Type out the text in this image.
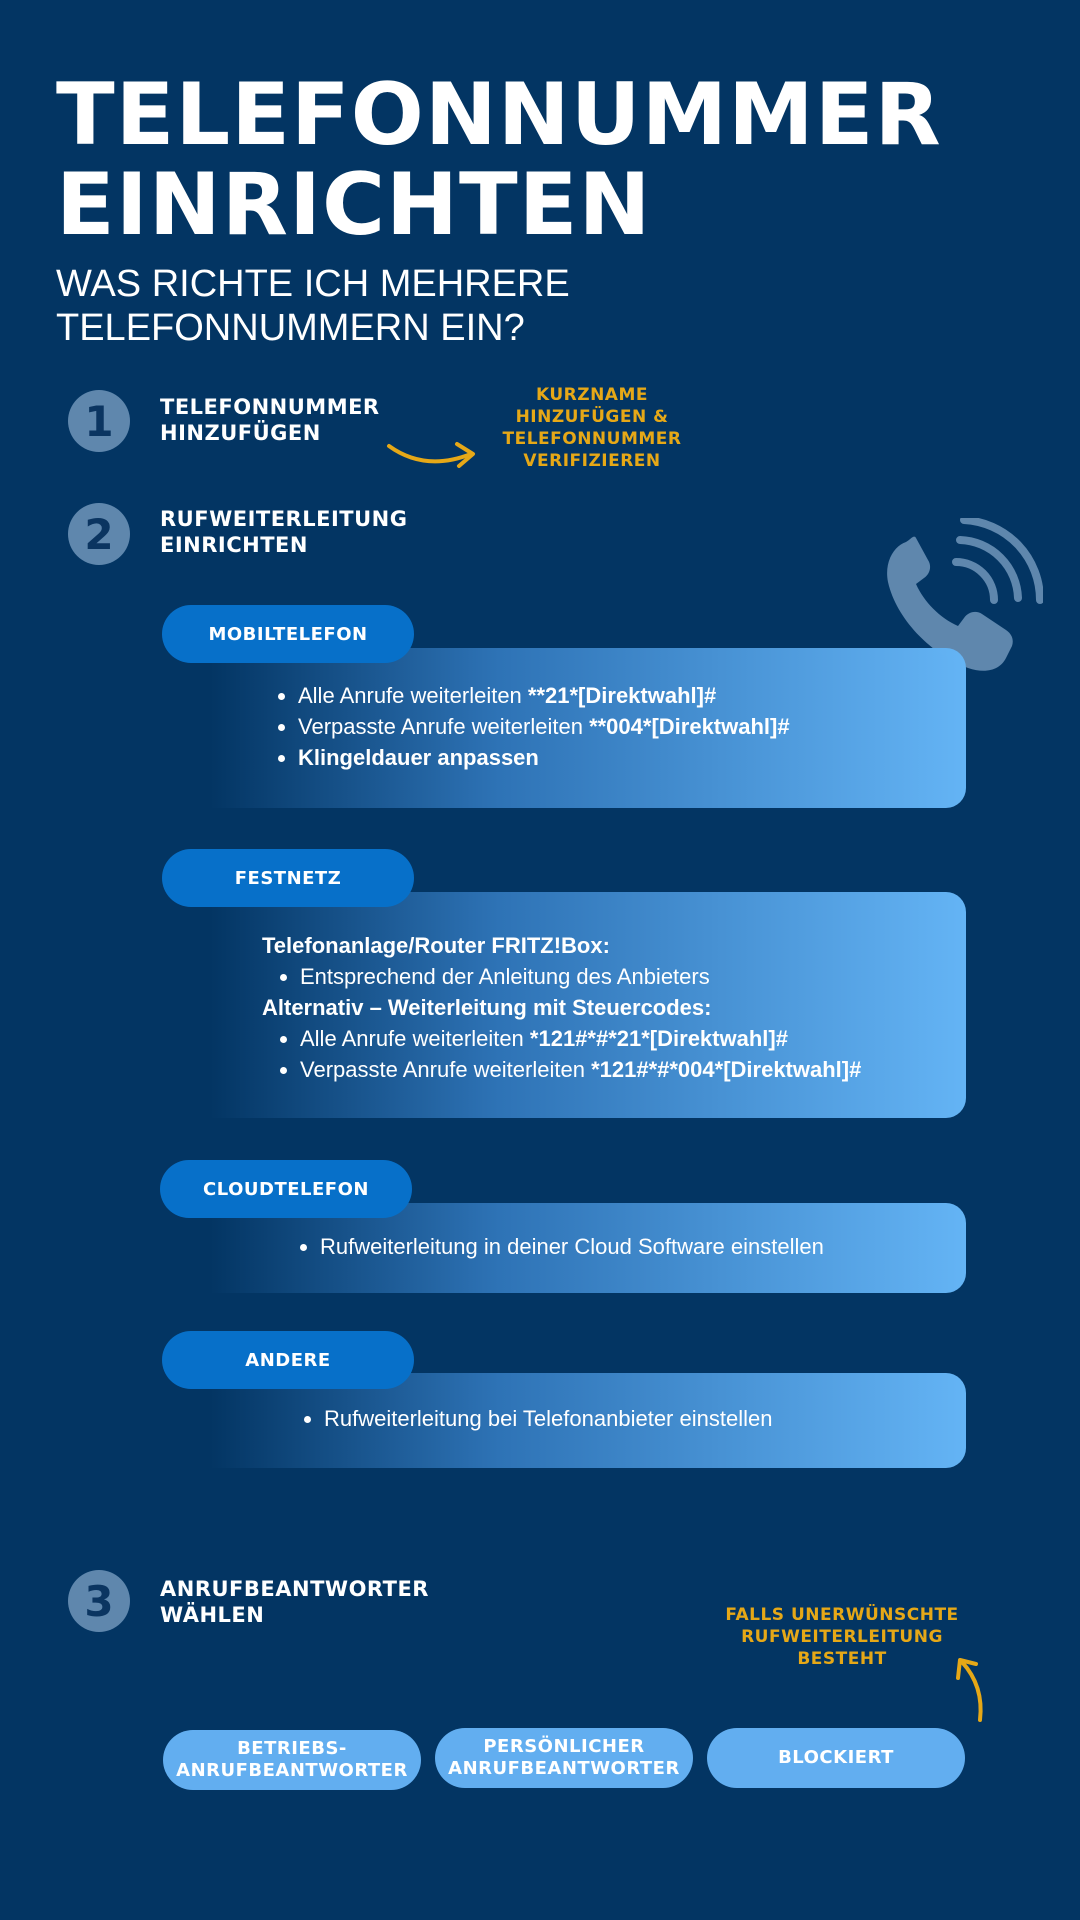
TELEFONNUMMER
EINRICHTEN
WAS RICHTE ICH MEHRERE
TELEFONNUMMERN EIN?
1	TELEFONNUMMER
HINZUFÜGEN
KURZNAME
HINZUFÜGEN &
TELEFONNUMMER
VERIFIZIEREN
2	RUFWEITERLEITUNG
EINRICHTEN
• Alle Anrufe weiterleiten **21*[Direktwahl]#
• Verpasste Anrufe weiterleiten **004*[Direktwahl]#
• Klingeldauer anpassen
MOBILTELEFON
Telefonanlage/Router FRITZ!Box:
• Entsprechend der Anleitung des Anbieters
Alternativ – Weiterleitung mit Steuercodes:
• Alle Anrufe weiterleiten *121#*#*21*[Direktwahl]#
• Verpasste Anrufe weiterleiten *121#*#*004*[Direktwahl]#
FESTNETZ
• Rufweiterleitung in deiner Cloud Software einstellen
CLOUDTELEFON
• Rufweiterleitung bei Telefonanbieter einstellen
ANDERE
3	ANRUFBEANTWORTER
WÄHLEN	FALLS UNERWÜNSCHTE
RUFWEITERLEITUNG
BESTEHT
BETRIEBS-
ANRUFBEANTWORTER
PERSÖNLICHER
ANRUFBEANTWORTER
BLOCKIERT
